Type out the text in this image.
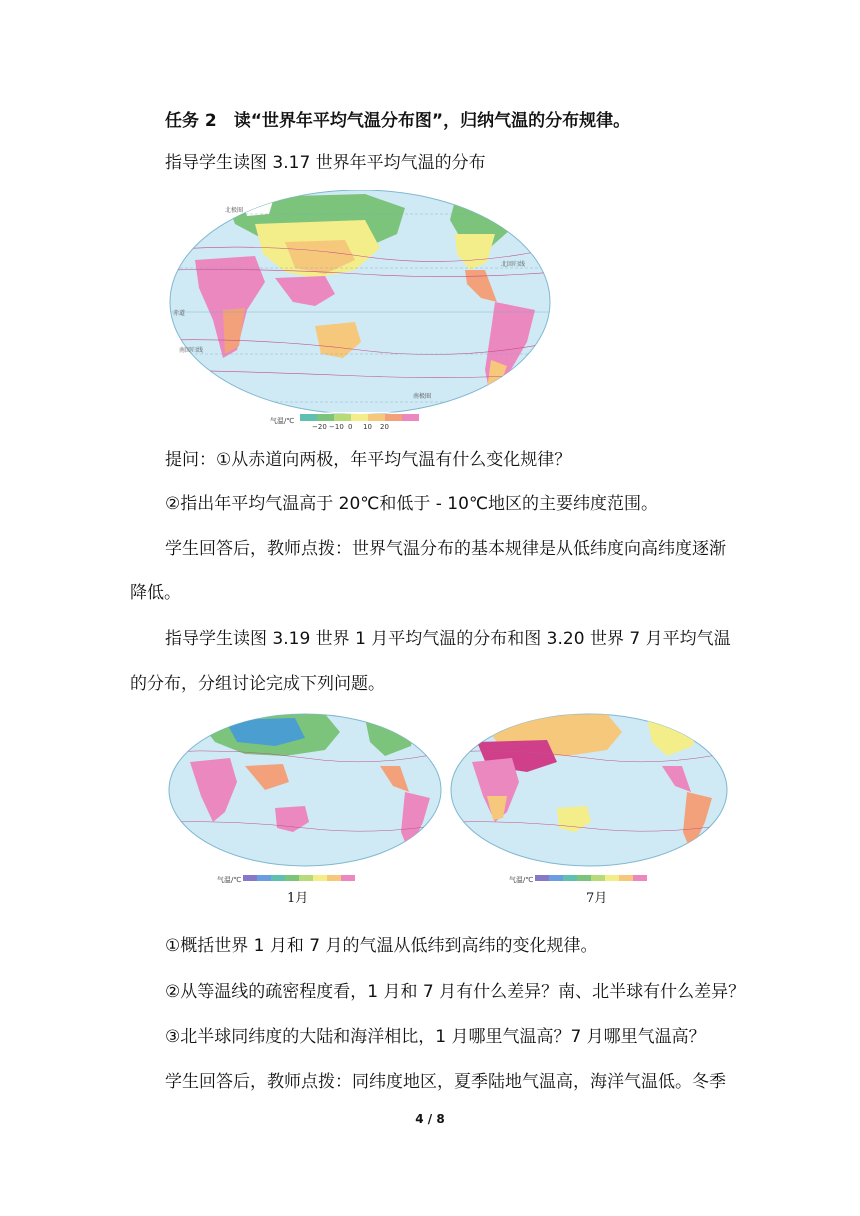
任务 2　读“世界年平均气温分布图”，归纳气温的分布规律。
指导学生读图 3.17 世界年平均气温的分布
北极圈
北回归线
赤道
南回归线
南极圈
气温/℃
−20 −10 0 10 20
提问：①从赤道向两极，年平均气温有什么变化规律？
②指出年平均气温高于 20℃和低于 - 10℃地区的主要纬度范围。
学生回答后，教师点拨：世界气温分布的基本规律是从低纬度向高纬度逐渐
降低。
指导学生读图 3.19 世界 1 月平均气温的分布和图 3.20 世界 7 月平均气温
的分布，分组讨论完成下列问题。
气温/℃
1月
气温/℃
7月
①概括世界 1 月和 7 月的气温从低纬到高纬的变化规律。
②从等温线的疏密程度看，1 月和 7 月有什么差异？南、北半球有什么差异？
③北半球同纬度的大陆和海洋相比，1 月哪里气温高？7 月哪里气温高？
学生回答后，教师点拨：同纬度地区，夏季陆地气温高，海洋气温低。冬季
4 / 8
